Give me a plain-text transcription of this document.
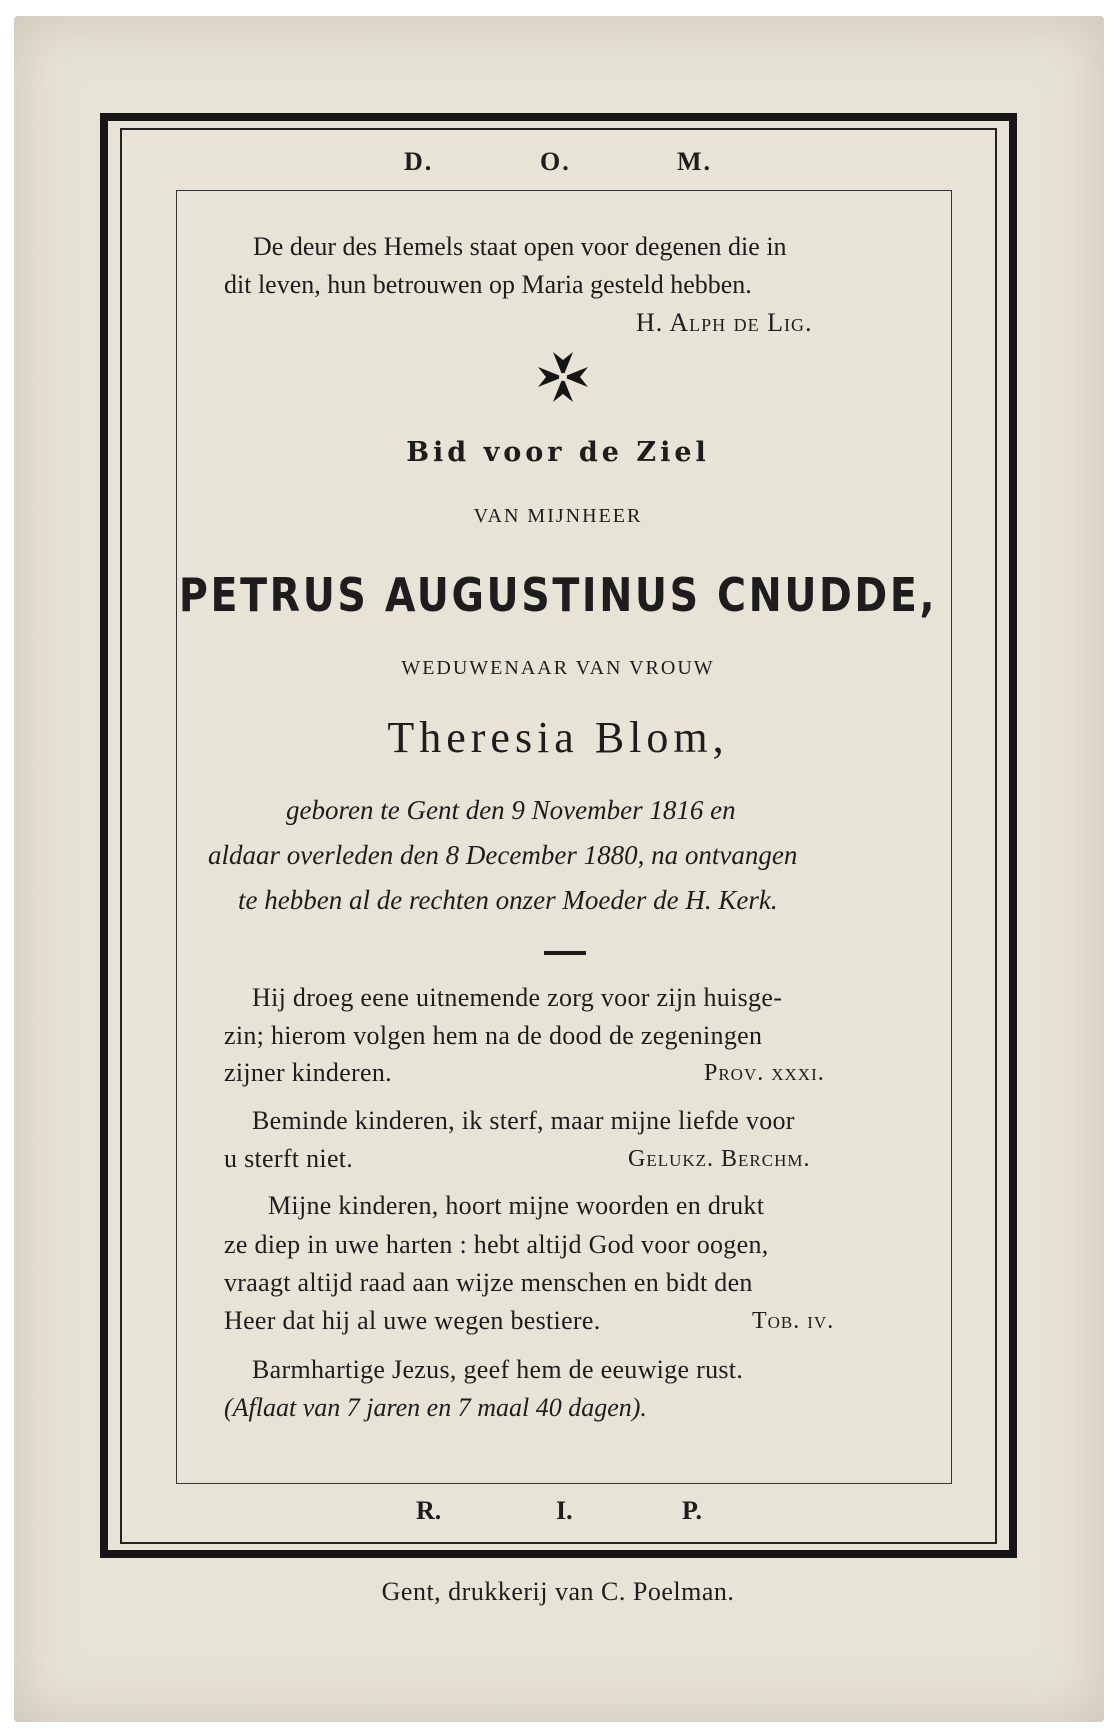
D.	O.	M.
De deur des Hemels staat open voor degenen die in
dit leven, hun betrouwen op Maria gesteld hebben.
H. Alph de Lig.
Bid voor de Ziel
VAN MIJNHEER
PETRUS AUGUSTINUS CNUDDE,
WEDUWENAAR VAN VROUW
Theresia Blom,
geboren te Gent den 9 November 1816 en
aldaar overleden den 8 December 1880, na ontvangen
te hebben al de rechten onzer Moeder de H. Kerk.
Hij droeg eene uitnemende zorg voor zijn huisge-
zin; hierom volgen hem na de dood de zegeningen
zijner kinderen.	Prov. xxxi.
Beminde kinderen, ik sterf, maar mijne liefde voor
u sterft niet.	Gelukz. Berchm.
Mijne kinderen, hoort mijne woorden en drukt
ze diep in uwe harten : hebt altijd God voor oogen,
vraagt altijd raad aan wijze menschen en bidt den
Heer dat hij al uwe wegen bestiere.	Tob. iv.
Barmhartige Jezus, geef hem de eeuwige rust.
(Aflaat van 7 jaren en 7 maal 40 dagen).
R.	I.	P.
Gent, drukkerij van C. Poelman.
